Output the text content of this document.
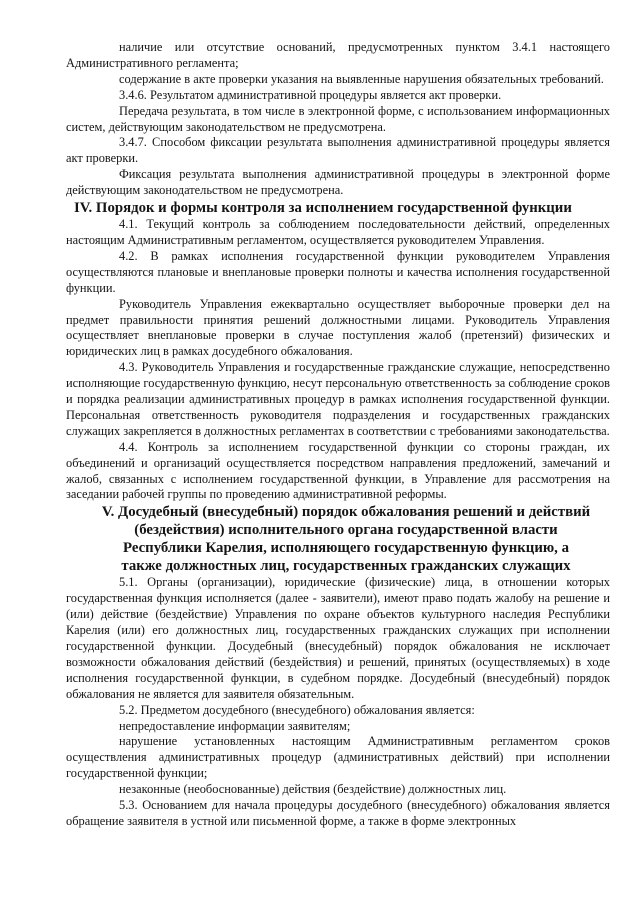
наличие или отсутствие оснований, предусмотренных пунктом 3.4.1 настоящего Административного регламента;

содержание в акте проверки указания на выявленные нарушения обязательных требований.

3.4.6. Результатом административной процедуры является акт проверки.

Передача результата, в том числе в электронной форме, с использованием информационных систем, действующим законодательством не предусмотрена.

3.4.7. Способом фиксации результата выполнения административной процедуры является акт проверки.

Фиксация результата выполнения административной процедуры в электронной форме действующим законодательством не предусмотрена.

IV. Порядок и формы контроля за исполнением государственной функции

4.1. Текущий контроль за соблюдением последовательности действий, определенных настоящим Административным регламентом, осуществляется руководителем Управления.

4.2. В рамках исполнения государственной функции руководителем Управления осуществляются плановые и внеплановые проверки полноты и качества исполнения государственной функции.

Руководитель Управления ежеквартально осуществляет выборочные проверки дел на предмет правильности принятия решений должностными лицами. Руководитель Управления осуществляет внеплановые проверки в случае поступления жалоб (претензий) физических и юридических лиц в рамках досудебного обжалования.

4.3. Руководитель Управления и государственные гражданские служащие, непосредственно исполняющие государственную функцию, несут персональную ответственность за соблюдение сроков и порядка реализации административных процедур в рамках исполнения государственной функции. Персональная ответственность руководителя подразделения и государственных гражданских служащих закрепляется в должностных регламентах в соответствии с требованиями законодательства.

4.4. Контроль за исполнением государственной функции со стороны граждан, их объединений и организаций осуществляется посредством направления предложений, замечаний и жалоб, связанных с исполнением государственной функции, в Управление для рассмотрения на заседании рабочей группы по проведению административной реформы.

V. Досудебный (внесудебный) порядок обжалования решений и действий
(бездействия) исполнительного органа государственной власти
Республики Карелия, исполняющего государственную функцию, а
также должностных лиц, государственных гражданских служащих

5.1. Органы (организации), юридические (физические) лица, в отношении которых государственная функция исполняется (далее - заявители), имеют право подать жалобу на решение и (или) действие (бездействие) Управления по охране объектов культурного наследия Республики Карелия (или) его должностных лиц, государственных гражданских служащих при исполнении государственной функции. Досудебный (внесудебный) порядок обжалования не исключает возможности обжалования действий (бездействия) и решений, принятых (осуществляемых) в ходе исполнения государственной функции, в судебном порядке. Досудебный (внесудебный) порядок обжалования не является для заявителя обязательным.

5.2. Предметом досудебного (внесудебного) обжалования является:

непредоставление информации заявителям;

нарушение установленных настоящим Административным регламентом сроков осуществления административных процедур (административных действий) при исполнении государственной функции;

незаконные (необоснованные) действия (бездействие) должностных лиц.

5.3. Основанием для начала процедуры досудебного (внесудебного) обжалования является обращение заявителя в устной или письменной форме, а также в форме электронных
